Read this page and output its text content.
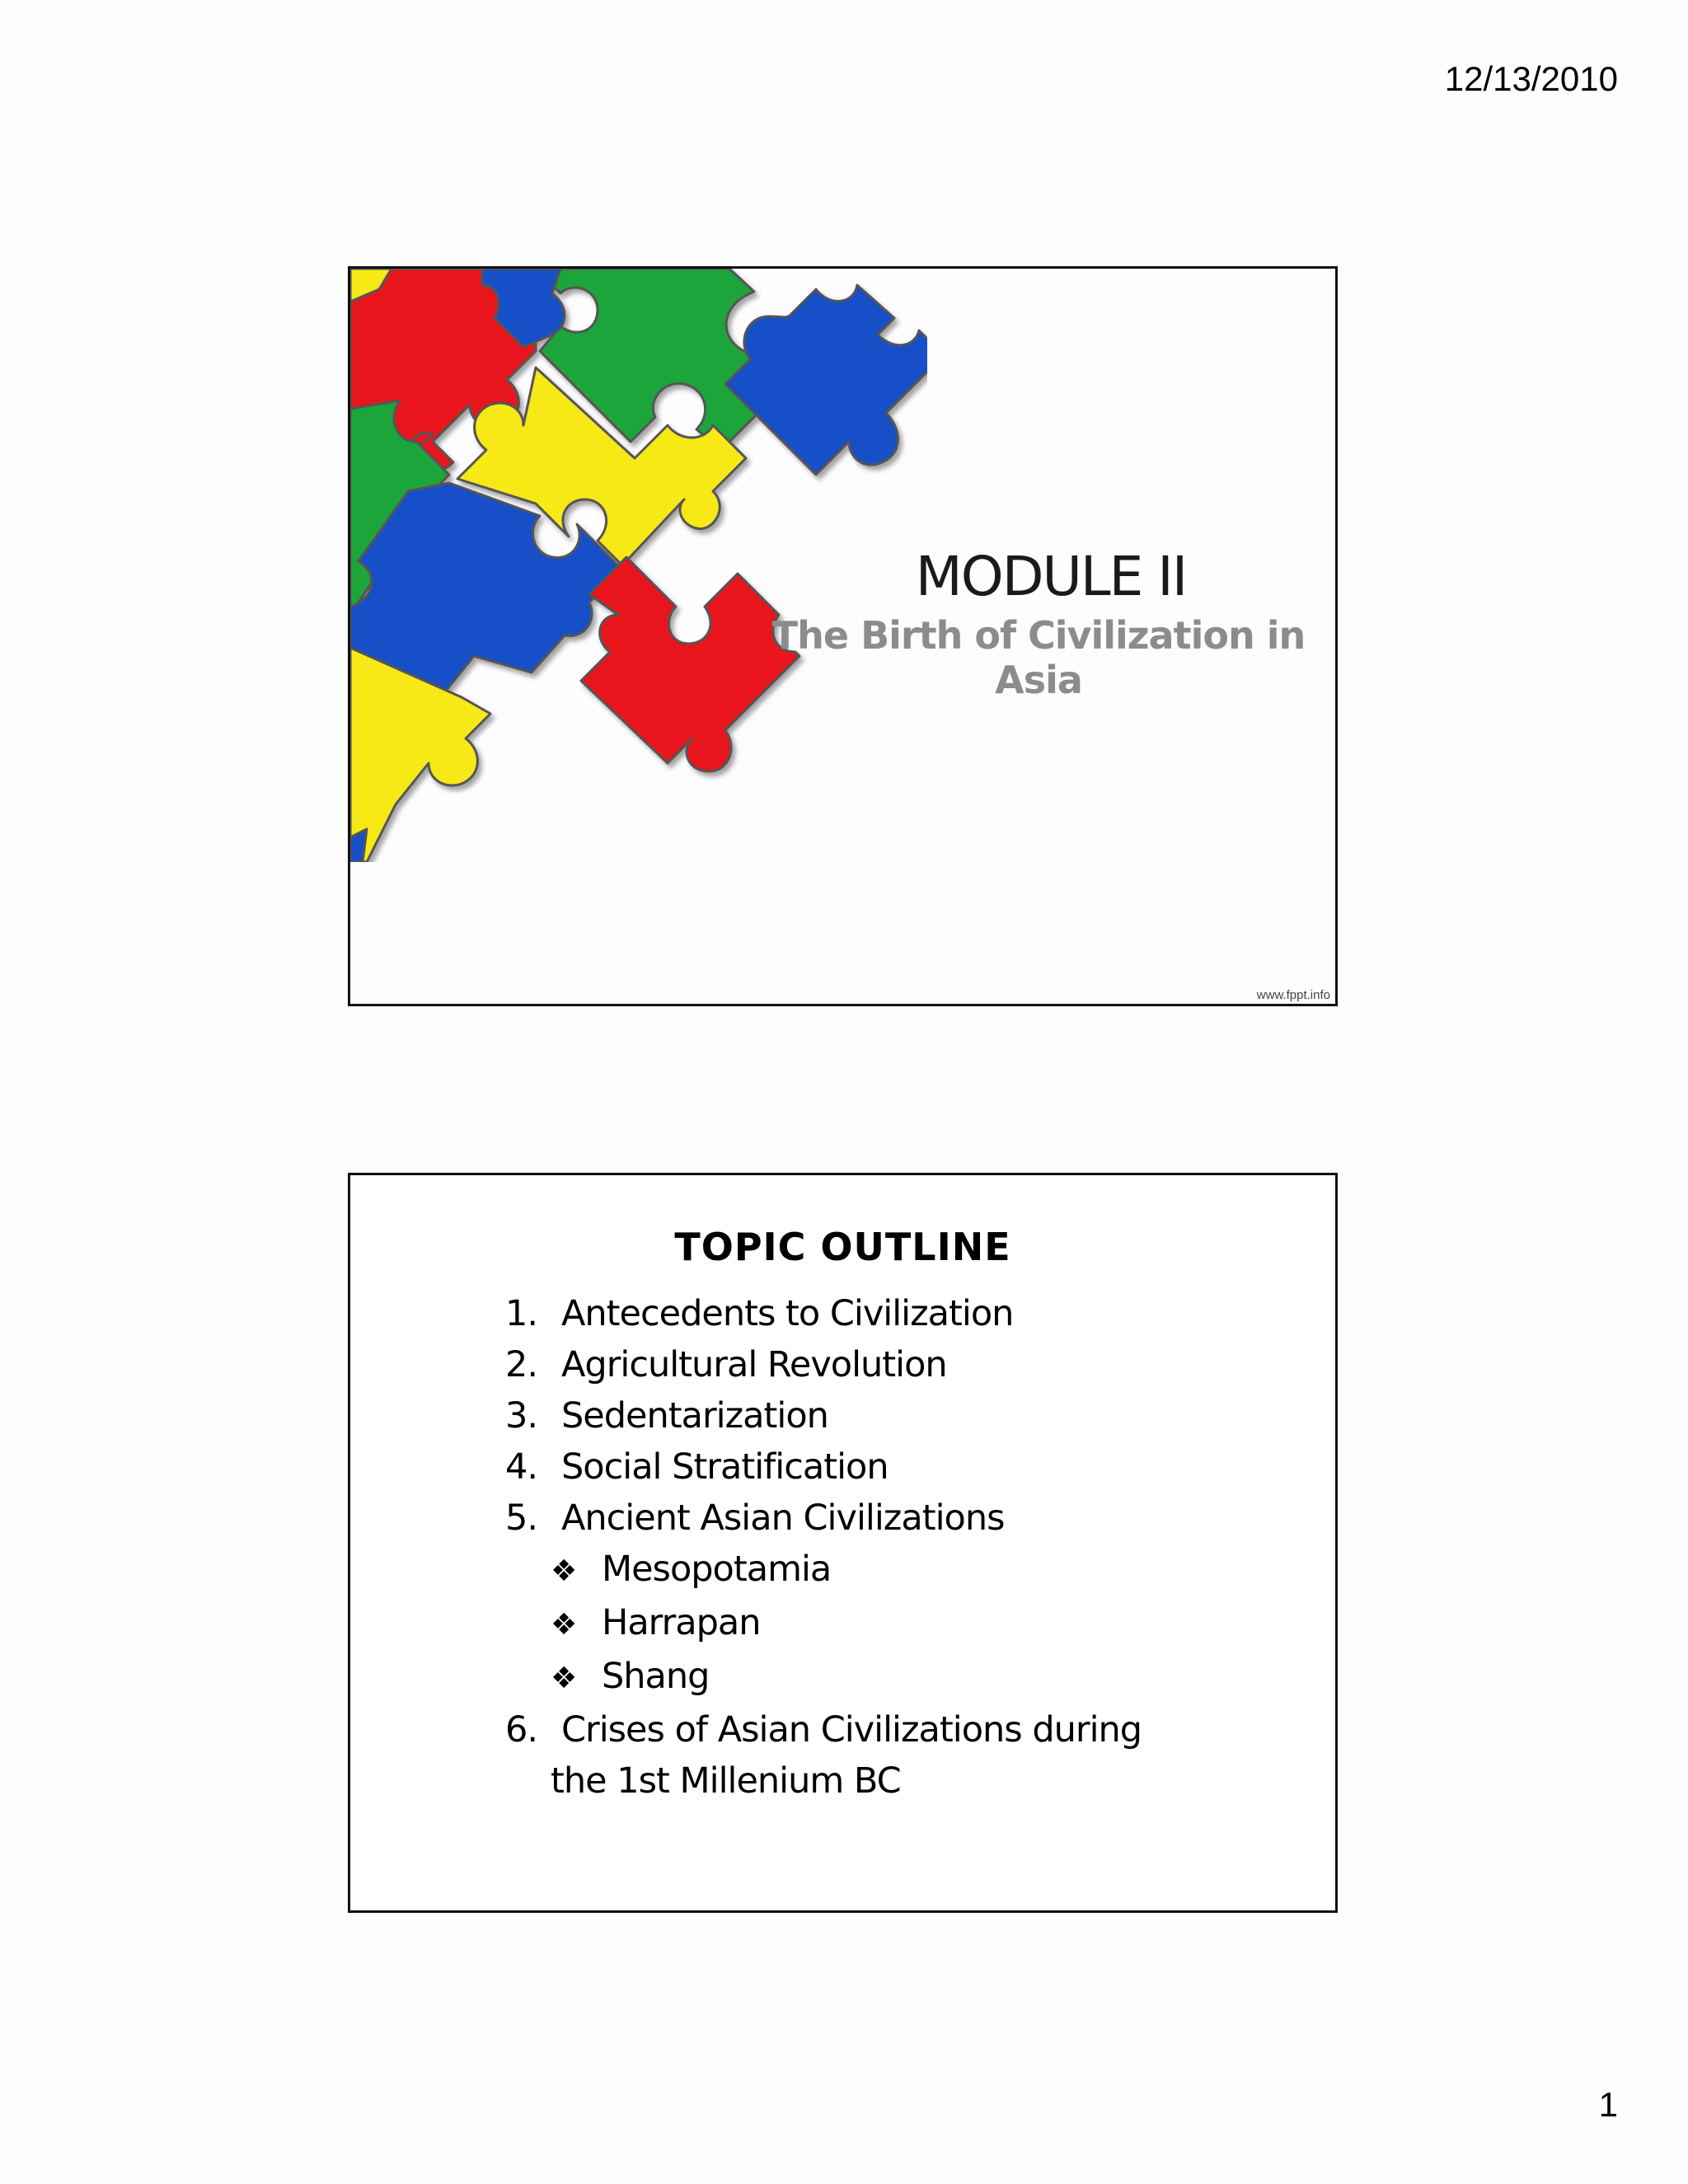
12/13/2010
MODULE II
The Birth of Civilization in Asia
www.fppt.info
TOPIC OUTLINE
1. Antecedents to Civilization
2. Agricultural Revolution
3. Sedentarization
4. Social Stratification
5. Ancient Asian Civilizations
❖ Mesopotamia
❖ Harrapan
❖ Shang
6. Crises of Asian Civilizations during
the 1st Millenium BC
1
